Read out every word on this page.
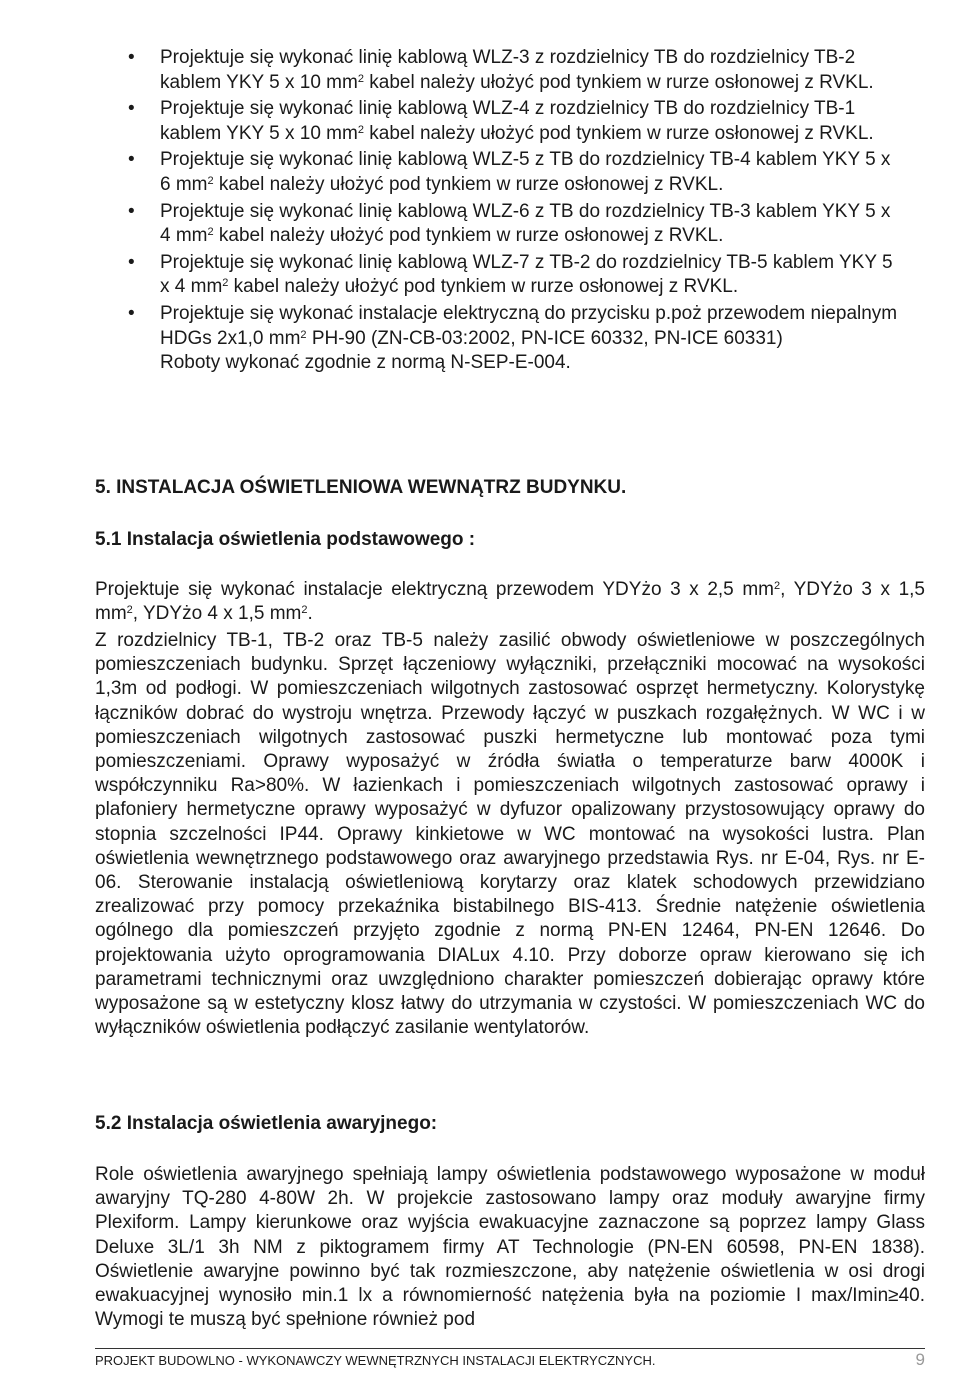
• Projektuje się wykonać linię kablową WLZ-3 z rozdzielnicy TB do rozdzielnicy TB-2 kablem YKY 5 x 10 $mm^2$ kabel należy ułożyć pod tynkiem w rurze osłonowej z RVKL.
• Projektuje się wykonać linię kablową WLZ-4 z rozdzielnicy TB do rozdzielnicy TB-1 kablem YKY 5 x 10 $mm^2$ kabel należy ułożyć pod tynkiem w rurze osłonowej z RVKL.
• Projektuje się wykonać linię kablową WLZ-5 z TB do rozdzielnicy TB-4 kablem YKY 5 x 6 $mm^2$ kabel należy ułożyć pod tynkiem w rurze osłonowej z RVKL.
• Projektuje się wykonać linię kablową WLZ-6 z TB do rozdzielnicy TB-3 kablem YKY 5 x 4 $mm^2$ kabel należy ułożyć pod tynkiem w rurze osłonowej z RVKL.
• Projektuje się wykonać linię kablową WLZ-7 z TB-2 do rozdzielnicy TB-5 kablem YKY 5 x 4 $mm^2$ kabel należy ułożyć pod tynkiem w rurze osłonowej z RVKL.
• Projektuje się wykonać instalacje elektryczną do przycisku p.poż przewodem niepalnym HDGs 2x1,0 $mm^2$ PH-90 (ZN-CB-03:2002, PN-ICE 60332, PN-ICE 60331)
Roboty wykonać zgodnie z normą N-SEP-E-004.
5. INSTALACJA OŚWIETLENIOWA WEWNĄTRZ BUDYNKU.
5.1 Instalacja oświetlenia podstawowego :

Projektuje się wykonać instalacje elektryczną przewodem YDYżo 3 x 2,5 $mm^2$, YDYżo 3 x 1,5 $mm^2$, YDYżo 4 x 1,5 $mm^2$.

Z rozdzielnicy TB-1, TB-2 oraz TB-5 należy zasilić obwody oświetleniowe w poszczególnych pomieszczeniach budynku. Sprzęt łączeniowy wyłączniki, przełączniki mocować na wysokości 1,3m od podłogi. W pomieszczeniach wilgotnych zastosować osprzęt hermetyczny. Kolorystykę łączników dobrać do wystroju wnętrza. Przewody łączyć w puszkach rozgałężnych. W WC i w pomieszczeniach wilgotnych zastosować puszki hermetyczne lub montować poza tymi pomieszczeniami. Oprawy wyposażyć w źródła światła o temperaturze barw 4000K i współczynniku Ra>80%. W łazienkach i pomieszczeniach wilgotnych zastosować oprawy i plafoniery hermetyczne oprawy wyposażyć w dyfuzor opalizowany przystosowujący oprawy do stopnia szczelności IP44. Oprawy kinkietowe w WC montować na wysokości lustra. Plan oświetlenia wewnętrznego podstawowego oraz awaryjnego przedstawia Rys. nr E-04, Rys. nr E-06. Sterowanie instalacją oświetleniową korytarzy oraz klatek schodowych przewidziano zrealizować przy pomocy przekaźnika bistabilnego BIS-413. Średnie natężenie oświetlenia ogólnego dla pomieszczeń przyjęto zgodnie z normą PN-EN 12464, PN-EN 12646. Do projektowania użyto oprogramowania DIALux 4.10. Przy doborze opraw kierowano się ich parametrami technicznymi oraz uwzględniono charakter pomieszczeń dobierając oprawy które wyposażone są w estetyczny klosz łatwy do utrzymania w czystości. W pomieszczeniach WC do wyłączników oświetlenia podłączyć zasilanie wentylatorów.

5.2 Instalacja oświetlenia awaryjnego:

Role oświetlenia awaryjnego spełniają lampy oświetlenia podstawowego wyposażone w moduł awaryjny TQ-280 4-80W 2h. W projekcie zastosowano lampy oraz moduły awaryjne firmy Plexiform. Lampy kierunkowe oraz wyjścia ewakuacyjne zaznaczone są poprzez lampy Glass Deluxe 3L/1 3h NM z piktogramem firmy AT Technologie (PN-EN 60598, PN-EN 1838). Oświetlenie awaryjne powinno być tak rozmieszczone, aby natężenie oświetlenia w osi drogi ewakuacyjnej wynosiło min.1 lx a równomierność natężenia była na poziomie I max/Imin≥40. Wymogi te muszą być spełnione również pod

PROJEKT BUDOWLNO - WYKONAWCZY WEWNĘTRZNYCH INSTALACJI ELEKTRYCZNYCH.	9
